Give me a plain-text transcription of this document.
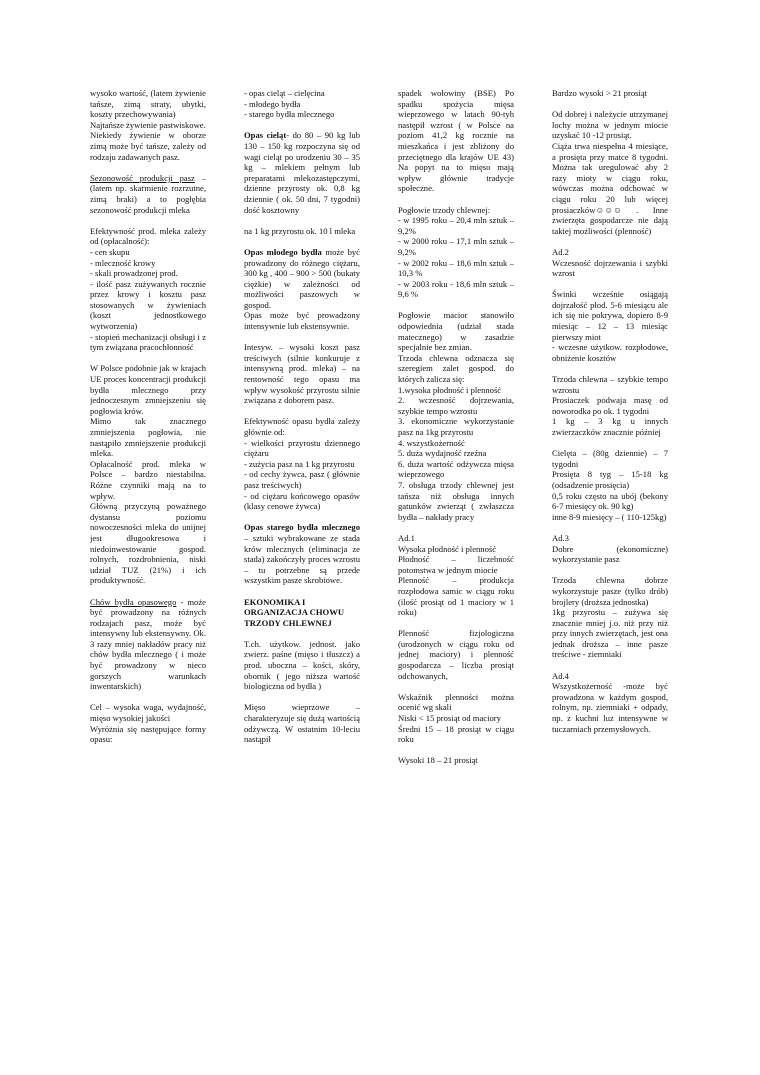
wysoko wartość, (latem żywienie tańsze, zimą straty, ubytki, koszty przechowywania)
Najtańsze żywienie pastwiskowe.
Niekiedy żywienie w oborze zimą może być tańsze, zależy od rodzaju zadawanych pasz.

Sezonowość produkcji pasz – (latem np. skarmienie rozrzutne, zimą braki) a to pogłębia sezonowość produkcji mleka

Efektywność prod. mleka zależy od (opłacalność):
- cen skupu
- mleczność krowy
- skali prowadzonej prod.
- ilość pasz zużywanych rocznie przez krowy i kosztu pasz stosowanych w żywieniach (koszt jednostkowego wytworzenia)
- stopień mechanizacji obsługi i z tym związana pracochłonność

W Polsce podobnie jak w krajach UE proces koncentracji produkcji bydła mlecznego przy jednoczesnym zmniejszeniu się pogłowia krów.
Mimo tak znacznego zmniejszenia pogłowia, nie nastąpiło zmniejszenie produkcji mleka.
Opłacalność prod. mleka w Polsce – bardzo niestabilna. Różne czynniki mają na to wpływ.
Główną przyczyną poważnego dystansu poziomu nowoczesności mleka do unijnej jest długookresowa i niedoinwestowanie gospod. rolnych, rozdrobnienia, niski udział TUZ (21%) i ich produktywność.

Chów bydła opasowego - może być prowadzony na różnych rodzajach pasz, może być intensywny lub ekstensywny. Ok. 3 razy mniej nakładów pracy niż chów bydła mlecznego ( i może być prowadzony w nieco gorszych warunkach inwentarskich)

Cel – wysoka waga, wydajność, mięso wysokiej jakości
Wyróżnia się następujące formy opasu:

- opas cieląt – cielęcina
- młodego bydła
- starego bydła mlecznego

Opas cieląt- do 80 – 90 kg lub 130 – 150 kg rozpoczyna się od wagi cieląt po urodzeniu 30 – 35 kg – mlekiem pełnym lub preparatami mlekozastępczymi, dzienne przyrosty ok. 0,8 kg dziennie ( ok. 50 dni, 7 tygodni) dość kosztowny

na 1 kg przyrostu ok. 10 l mleka

Opas młodego bydła może być prowadzony do różnego ciężaru, 300 kg , 400 – 900 > 500 (bukaty ciężkie) w zależności od możliwości paszowych w gospod.
Opas może być prowadzony intensywnie lub ekstensywnie.

Intesyw. – wysoki koszt pasz treściwych (silnie konkuruje z intensywną prod. mleka) – na rentowność tego opasu ma wpływ wysokość przyrostu silnie związana z doborem pasz.

Efektywność opasu bydła zależy głównie od:
- wielkości przyrostu dziennego ciężaru
- zużycia pasz na 1 kg przyrostu
- od cechy żywca, pasz ( głównie pasz treściwych)
- od ciężaru końcowego opasów (klasy cenowe żywca)

Opas starego bydła mlecznego – sztuki wybrakowane ze stada krów mlecznych (eliminacja ze stada) zakończyły proces wzrostu – tu potrzebne są przede wszystkim pasze skrobiowe.

EKONOMIKA I ORGANIZACJA CHOWU TRZODY CHLEWNEJ

T.ch. użytkow. jednost. jako zwierz. paśne (mięso i tłuszcz) a prod. uboczna – kości, skóry, obornik ( jego niższa wartość biologiczna od bydła )

Mięso wieprzowe – charakteryzuje się dużą wartością odżywczą. W ostatnim 10-leciu nastąpił

spadek wołowiny (BSE) Po spadku spożycia mięsa wieprzowego w latach 90-tyh następił wzrost ( w Polsce na poziom 41,2 kg rocznie na mieszkańca i jest zbliżony do przeciętnego dla krajów UE 43) Na popyt na to mięso mają wpływ głównie tradycje społeczne.

Pogłowie trzody chlewnej:
- w 1995 roku – 20,4 mln sztuk – 9,2%
- w 2000 roku – 17,1 mln sztuk – 9,2%
- w 2002 roku – 18,6 mln sztuk – 10,3 %
- w 2003 roku - 18,6 mln sztuk – 9,6 %

Pogłowie macior stanowiło odpowiednia (udział stada matecznego) w zasadzie specjalnie bez zmian.
Trzoda chlewna odznacza się szeregiem zalet gospod. do których zalicza się:
1.wysoka płodność i plenność
2. wczesność dojrzewania, szybkie tempo wzrostu
3. ekonomiczne wykorzystanie pasz na 1kg przyrostu
4. wszystkożerność
5. duża wydajność rzeźna
6. duża wartość odżywcza mięsa wieprzowego
7. obsługa trzody chlewnej jest tańsza niż obsługa innych gatunków zwierząt ( zwłaszcza bydła – nakłady pracy

Ad.1
Wysoka płodność i plenność
Płodność – liczebność potomstwa w jednym miocie
Plenność – produkcja rozpłodowa samic w ciągu roku (ilość prosiąt od 1 maciory w 1 roku)

Plenność fizjologiczna (urodzonych w ciągu roku od jednej maciory) i plenność gospodarcza – liczba prosiąt odchowanych,

Wskaźnik plenności można ocenić wg skali
Niski < 15 prosiąt od maciory
Średni 15 – 18 prosiąt w ciągu roku

Wysoki 18 – 21 prosiąt

Bardzo wysoki > 21 prosiąt

Od dobrej i należycie utrzymanej lochy można w jednym miocie uzyskać 10 -12 prosiąt.
Ciąża trwa niespełna 4 miesiące, a prosięta przy matce 8 tygodni. Można tak uregulować aby 2 razy mioty w ciągu roku, wówczas można odchować w ciągu roku 20 lub więcej prosiaczków☺☺☺ . Inne zwierzęta gospodarcze nie dają takiej możliwości (plenność)

Ad.2
Wczesność dojrzewania i szybki wzrost

Świnki wcześnie osiągają dojrzałość płod. 5-6 miesiącu ale ich się nie pokrywa, dopiero 8-9 miesiąc – 12 – 13 miesiąc pierwszy miot
- wczesne użytkow. rozpłodowe, obniżenie kosztów

Trzoda chlewna – szybkie tempo wzrostu
Prosiaczek podwaja masę od noworodka po ok. 1 tygodni
1 kg – 3 kg u innych zwierzaczków znacznie później

Cielęta – (80g dziennie) – 7 tygodni
Prosięta 8 tyg – 15-18 kg (odsadzenie prosięcia)
0,5 roku często na ubój (bekony 6-7 miesięcy ok. 90 kg)
inne 8-9 miesięcy – ( 110-125kg)

Ad.3
Dobre (ekonomiczne) wykorzystanie pasz

Trzoda chlewna dobrze wykorzystuje pasze (tylko drób) brojlery (droższa jednostka)
1kg przyrostu – zużywa się znacznie mniej j.o. niż przy niż przy innych zwierzętach, jest ona jednak droższa – inne pasze treściwe - ziemniaki

Ad.4
Wszystkożerność -może być prowadzona w każdym gospod, rolnym, np. ziemniaki + odpady, np. z kuchni luz intensywne w tuczarniach przemysłowych.
